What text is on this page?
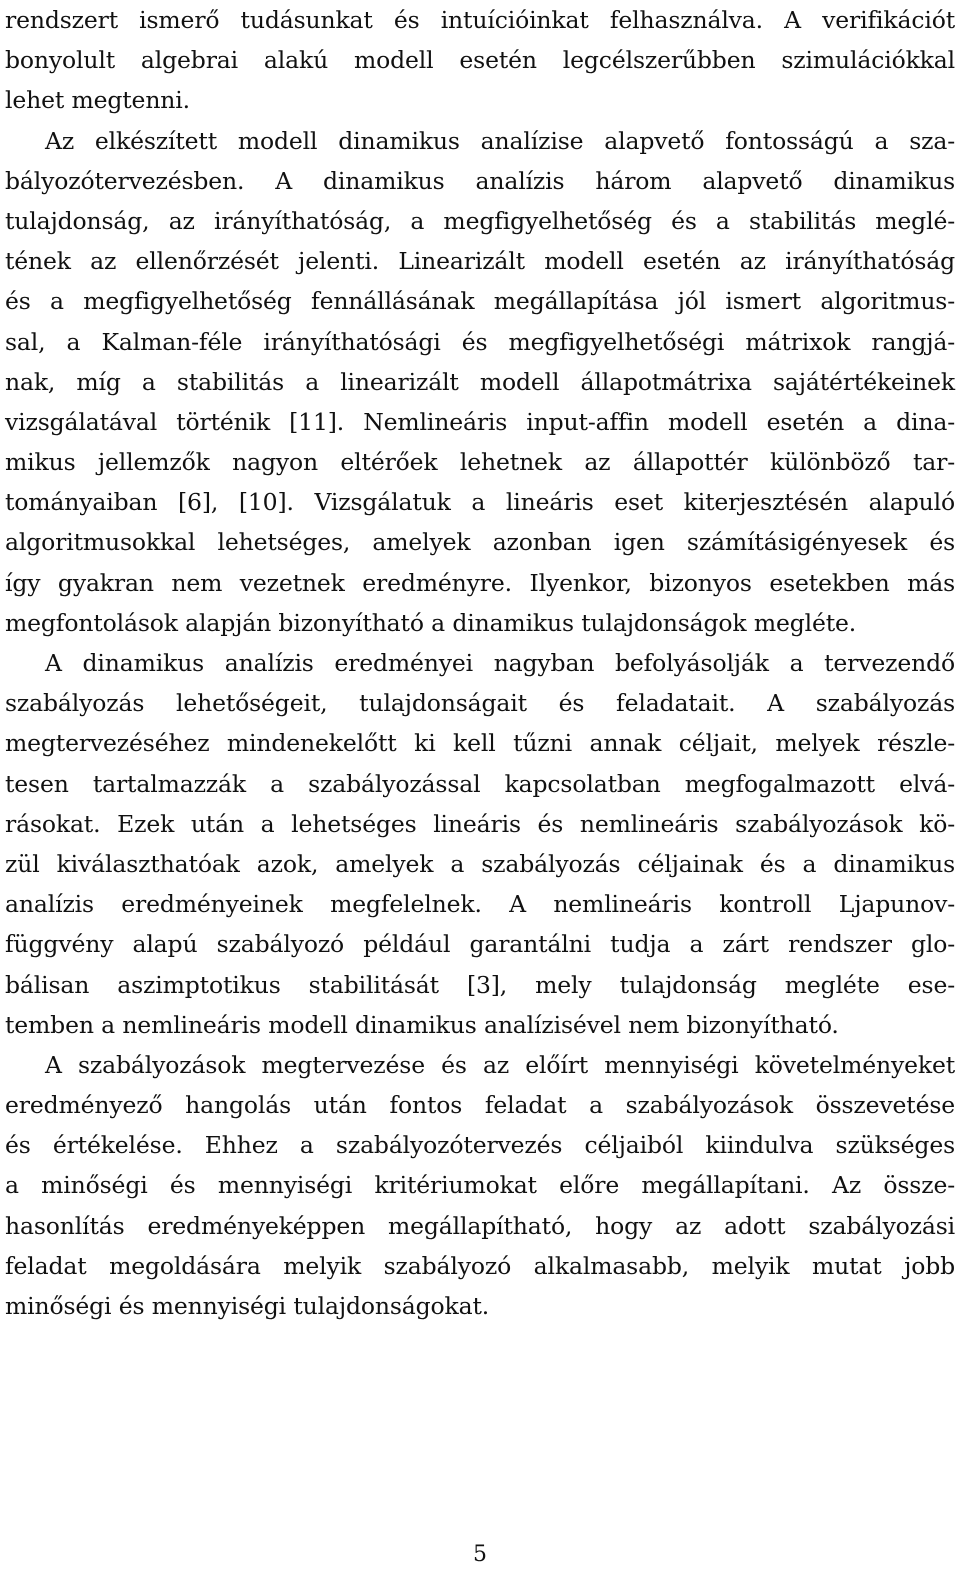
rendszert ismerő tudásunkat és intuícióinkat felhasználva. A verifikációt
bonyolult algebrai alakú modell esetén legcélszerűbben szimulációkkal
lehet megtenni.
Az elkészített modell dinamikus analízise alapvető fontosságú a sza-
bályozótervezésben. A dinamikus analízis három alapvető dinamikus
tulajdonság, az irányíthatóság, a megfigyelhetőség és a stabilitás meglé-
tének az ellenőrzését jelenti. Linearizált modell esetén az irányíthatóság
és a megfigyelhetőség fennállásának megállapítása jól ismert algoritmus-
sal, a Kalman-féle irányíthatósági és megfigyelhetőségi mátrixok rangjá-
nak, míg a stabilitás a linearizált modell állapotmátrixa sajátértékeinek
vizsgálatával történik [11]. Nemlineáris input-affin modell esetén a dina-
mikus jellemzők nagyon eltérőek lehetnek az állapottér különböző tar-
tományaiban [6], [10]. Vizsgálatuk a lineáris eset kiterjesztésén alapuló
algoritmusokkal lehetséges, amelyek azonban igen számításigényesek és
így gyakran nem vezetnek eredményre. Ilyenkor, bizonyos esetekben más
megfontolások alapján bizonyítható a dinamikus tulajdonságok megléte.
A dinamikus analízis eredményei nagyban befolyásolják a tervezendő
szabályozás lehetőségeit, tulajdonságait és feladatait. A szabályozás
megtervezéséhez mindenekelőtt ki kell tűzni annak céljait, melyek részle-
tesen tartalmazzák a szabályozással kapcsolatban megfogalmazott elvá-
rásokat. Ezek után a lehetséges lineáris és nemlineáris szabályozások kö-
zül kiválaszthatóak azok, amelyek a szabályozás céljainak és a dinamikus
analízis eredményeinek megfelelnek. A nemlineáris kontroll Ljapunov-
függvény alapú szabályozó például garantálni tudja a zárt rendszer glo-
bálisan aszimptotikus stabilitását [3], mely tulajdonság megléte ese-
temben a nemlineáris modell dinamikus analízisével nem bizonyítható.
A szabályozások megtervezése és az előírt mennyiségi követelményeket
eredményező hangolás után fontos feladat a szabályozások összevetése
és értékelése. Ehhez a szabályozótervezés céljaiból kiindulva szükséges
a minőségi és mennyiségi kritériumokat előre megállapítani. Az össze-
hasonlítás eredményeképpen megállapítható, hogy az adott szabályozási
feladat megoldására melyik szabályozó alkalmasabb, melyik mutat jobb
minőségi és mennyiségi tulajdonságokat.
5
